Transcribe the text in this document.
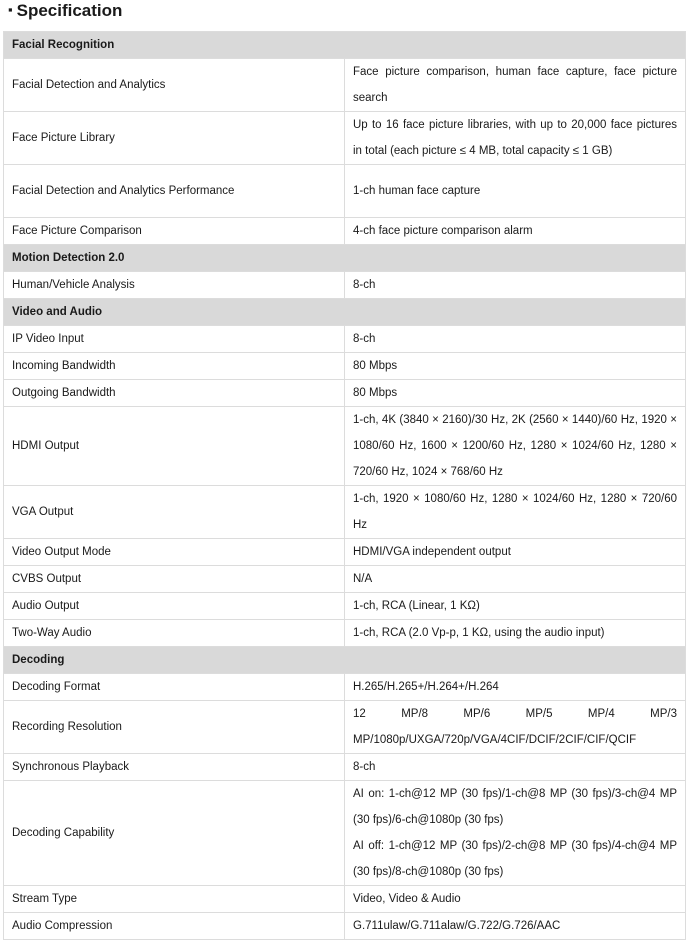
▪ Specification
Facial Recognition	
Facial Detection and Analytics	Face picture comparison, human face capture, face picture search
Face Picture Library	Up to 16 face picture libraries, with up to 20,000 face pictures in total (each picture ≤ 4 MB, total capacity ≤ 1 GB)
Facial Detection and Analytics Performance	1-ch human face capture
Face Picture Comparison	4-ch face picture comparison alarm
Motion Detection 2.0	
Human/Vehicle Analysis	8-ch
Video and Audio	
IP Video Input	8-ch
Incoming Bandwidth	80 Mbps
Outgoing Bandwidth	80 Mbps
HDMI Output	1-ch, 4K (3840 × 2160)/30 Hz, 2K (2560 × 1440)/60 Hz, 1920 × 1080/60 Hz, 1600 × 1200/60 Hz, 1280 × 1024/60 Hz, 1280 × 720/60 Hz, 1024 × 768/60 Hz
VGA Output	1-ch, 1920 × 1080/60 Hz, 1280 × 1024/60 Hz, 1280 × 720/60 Hz
Video Output Mode	HDMI/VGA independent output
CVBS Output	N/A
Audio Output	1-ch, RCA (Linear, 1 KΩ)
Two-Way Audio	1-ch, RCA (2.0 Vp-p, 1 KΩ, using the audio input)
Decoding	
Decoding Format	H.265/H.265+/H.264+/H.264
Recording Resolution	12 MP/8 MP/6 MP/5 MP/4 MP/3 MP/1080p/UXGA/720p/VGA/4CIF/DCIF/2CIF/CIF/QCIF
Synchronous Playback	8-ch
Decoding Capability	AI on: 1-ch@12 MP (30 fps)/1-ch@8 MP (30 fps)/3-ch@4 MP (30 fps)/6-ch@1080p (30 fps)
AI off: 1-ch@12 MP (30 fps)/2-ch@8 MP (30 fps)/4-ch@4 MP (30 fps)/8-ch@1080p (30 fps)

Stream Type	Video, Video & Audio
Audio Compression	G.711ulaw/G.711alaw/G.722/G.726/AAC
